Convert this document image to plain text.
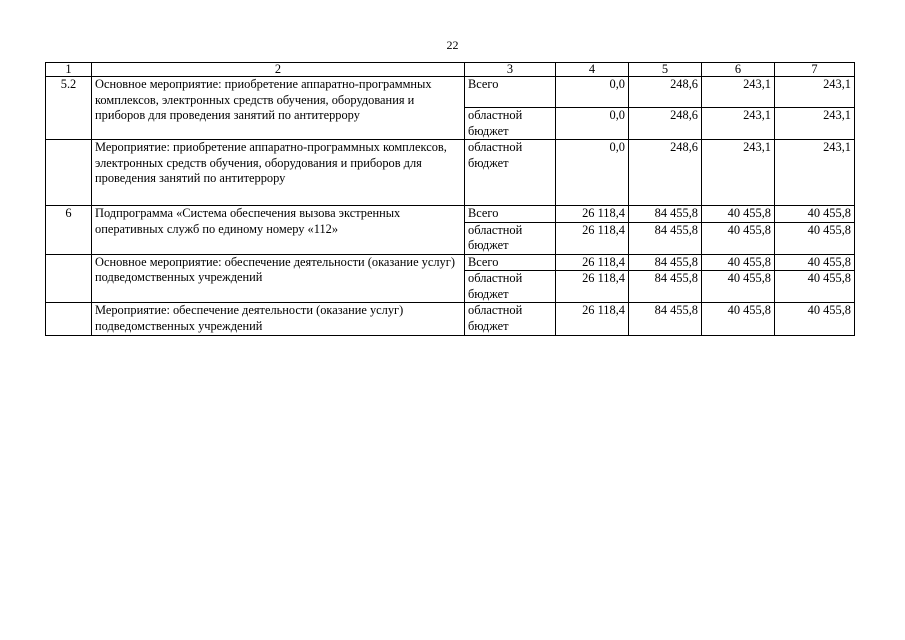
22
1	2	3	4	5	6	7
5.2	Основное мероприятие: приобретение аппаратно-программных комплексов, электронных средств обучения, оборудования и приборов для проведения занятий по антитеррору	Всего	0,0	248,6	243,1	243,1
		областной бюджет	0,0	248,6	243,1	243,1
	Мероприятие: приобретение аппаратно-программных комплексов, электронных средств обучения, оборудования и приборов для проведения занятий по антитеррору	областной бюджет	0,0	248,6	243,1	243,1
6	Подпрограмма «Система обеспечения вызова экстренных оперативных служб по единому номеру «112»	Всего	26 118,4	84 455,8	40 455,8	40 455,8
		областной бюджет	26 118,4	84 455,8	40 455,8	40 455,8
	Основное мероприятие: обеспечение деятельности (оказание услуг) подведомственных учреждений	Всего	26 118,4	84 455,8	40 455,8	40 455,8
		областной бюджет	26 118,4	84 455,8	40 455,8	40 455,8
	Мероприятие: обеспечение деятельности (оказание услуг) подведомственных учреждений	областной бюджет	26 118,4	84 455,8	40 455,8	40 455,8
